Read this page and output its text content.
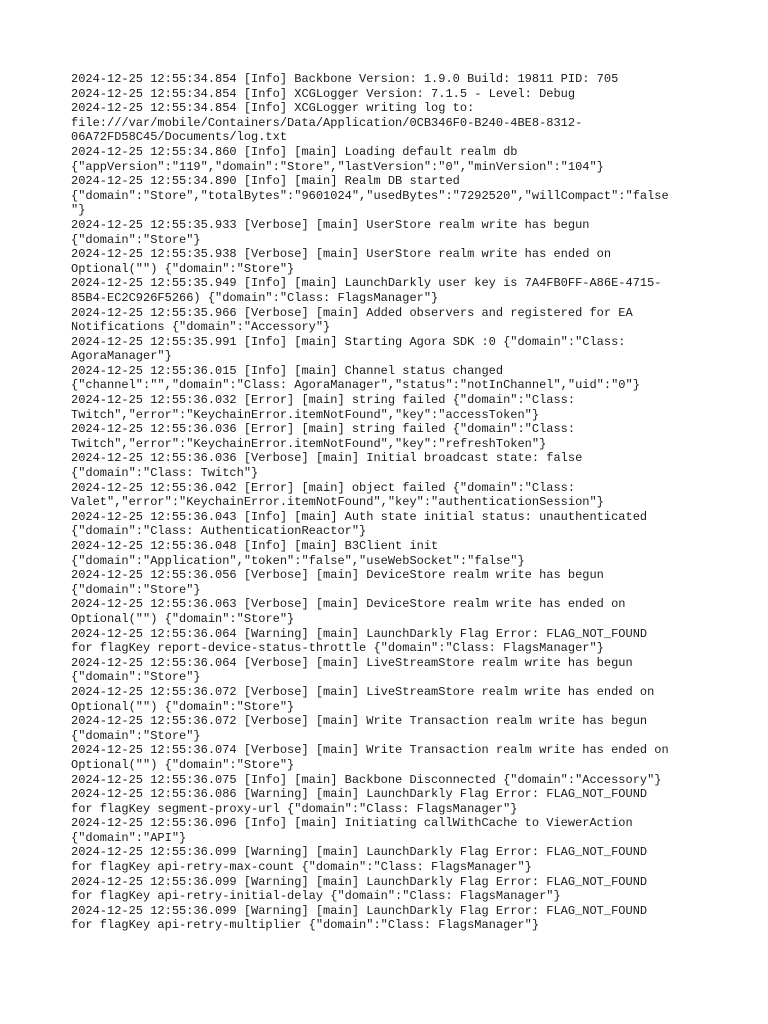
2024-12-25 12:55:34.854 [Info] Backbone Version: 1.9.0 Build: 19811 PID: 705
2024-12-25 12:55:34.854 [Info] XCGLogger Version: 7.1.5 - Level: Debug
2024-12-25 12:55:34.854 [Info] XCGLogger writing log to:
file:///var/mobile/Containers/Data/Application/0CB346F0-B240-4BE8-8312-
06A72FD58C45/Documents/log.txt
2024-12-25 12:55:34.860 [Info] [main] Loading default realm db
{"appVersion":"119","domain":"Store","lastVersion":"0","minVersion":"104"}
2024-12-25 12:55:34.890 [Info] [main] Realm DB started
{"domain":"Store","totalBytes":"9601024","usedBytes":"7292520","willCompact":"false
"}
2024-12-25 12:55:35.933 [Verbose] [main] UserStore realm write has begun
{"domain":"Store"}
2024-12-25 12:55:35.938 [Verbose] [main] UserStore realm write has ended on
Optional("") {"domain":"Store"}
2024-12-25 12:55:35.949 [Info] [main] LaunchDarkly user key is 7A4FB0FF-A86E-4715-
85B4-EC2C926F5266) {"domain":"Class: FlagsManager"}
2024-12-25 12:55:35.966 [Verbose] [main] Added observers and registered for EA
Notifications {"domain":"Accessory"}
2024-12-25 12:55:35.991 [Info] [main] Starting Agora SDK :0 {"domain":"Class:
AgoraManager"}
2024-12-25 12:55:36.015 [Info] [main] Channel status changed
{"channel":"","domain":"Class: AgoraManager","status":"notInChannel","uid":"0"}
2024-12-25 12:55:36.032 [Error] [main] string failed {"domain":"Class:
Twitch","error":"KeychainError.itemNotFound","key":"accessToken"}
2024-12-25 12:55:36.036 [Error] [main] string failed {"domain":"Class:
Twitch","error":"KeychainError.itemNotFound","key":"refreshToken"}
2024-12-25 12:55:36.036 [Verbose] [main] Initial broadcast state: false
{"domain":"Class: Twitch"}
2024-12-25 12:55:36.042 [Error] [main] object failed {"domain":"Class:
Valet","error":"KeychainError.itemNotFound","key":"authenticationSession"}
2024-12-25 12:55:36.043 [Info] [main] Auth state initial status: unauthenticated
{"domain":"Class: AuthenticationReactor"}
2024-12-25 12:55:36.048 [Info] [main] B3Client init
{"domain":"Application","token":"false","useWebSocket":"false"}
2024-12-25 12:55:36.056 [Verbose] [main] DeviceStore realm write has begun
{"domain":"Store"}
2024-12-25 12:55:36.063 [Verbose] [main] DeviceStore realm write has ended on
Optional("") {"domain":"Store"}
2024-12-25 12:55:36.064 [Warning] [main] LaunchDarkly Flag Error: FLAG_NOT_FOUND
for flagKey report-device-status-throttle {"domain":"Class: FlagsManager"}
2024-12-25 12:55:36.064 [Verbose] [main] LiveStreamStore realm write has begun
{"domain":"Store"}
2024-12-25 12:55:36.072 [Verbose] [main] LiveStreamStore realm write has ended on
Optional("") {"domain":"Store"}
2024-12-25 12:55:36.072 [Verbose] [main] Write Transaction realm write has begun
{"domain":"Store"}
2024-12-25 12:55:36.074 [Verbose] [main] Write Transaction realm write has ended on
Optional("") {"domain":"Store"}
2024-12-25 12:55:36.075 [Info] [main] Backbone Disconnected {"domain":"Accessory"}
2024-12-25 12:55:36.086 [Warning] [main] LaunchDarkly Flag Error: FLAG_NOT_FOUND
for flagKey segment-proxy-url {"domain":"Class: FlagsManager"}
2024-12-25 12:55:36.096 [Info] [main] Initiating callWithCache to ViewerAction
{"domain":"API"}
2024-12-25 12:55:36.099 [Warning] [main] LaunchDarkly Flag Error: FLAG_NOT_FOUND
for flagKey api-retry-max-count {"domain":"Class: FlagsManager"}
2024-12-25 12:55:36.099 [Warning] [main] LaunchDarkly Flag Error: FLAG_NOT_FOUND
for flagKey api-retry-initial-delay {"domain":"Class: FlagsManager"}
2024-12-25 12:55:36.099 [Warning] [main] LaunchDarkly Flag Error: FLAG_NOT_FOUND
for flagKey api-retry-multiplier {"domain":"Class: FlagsManager"}
